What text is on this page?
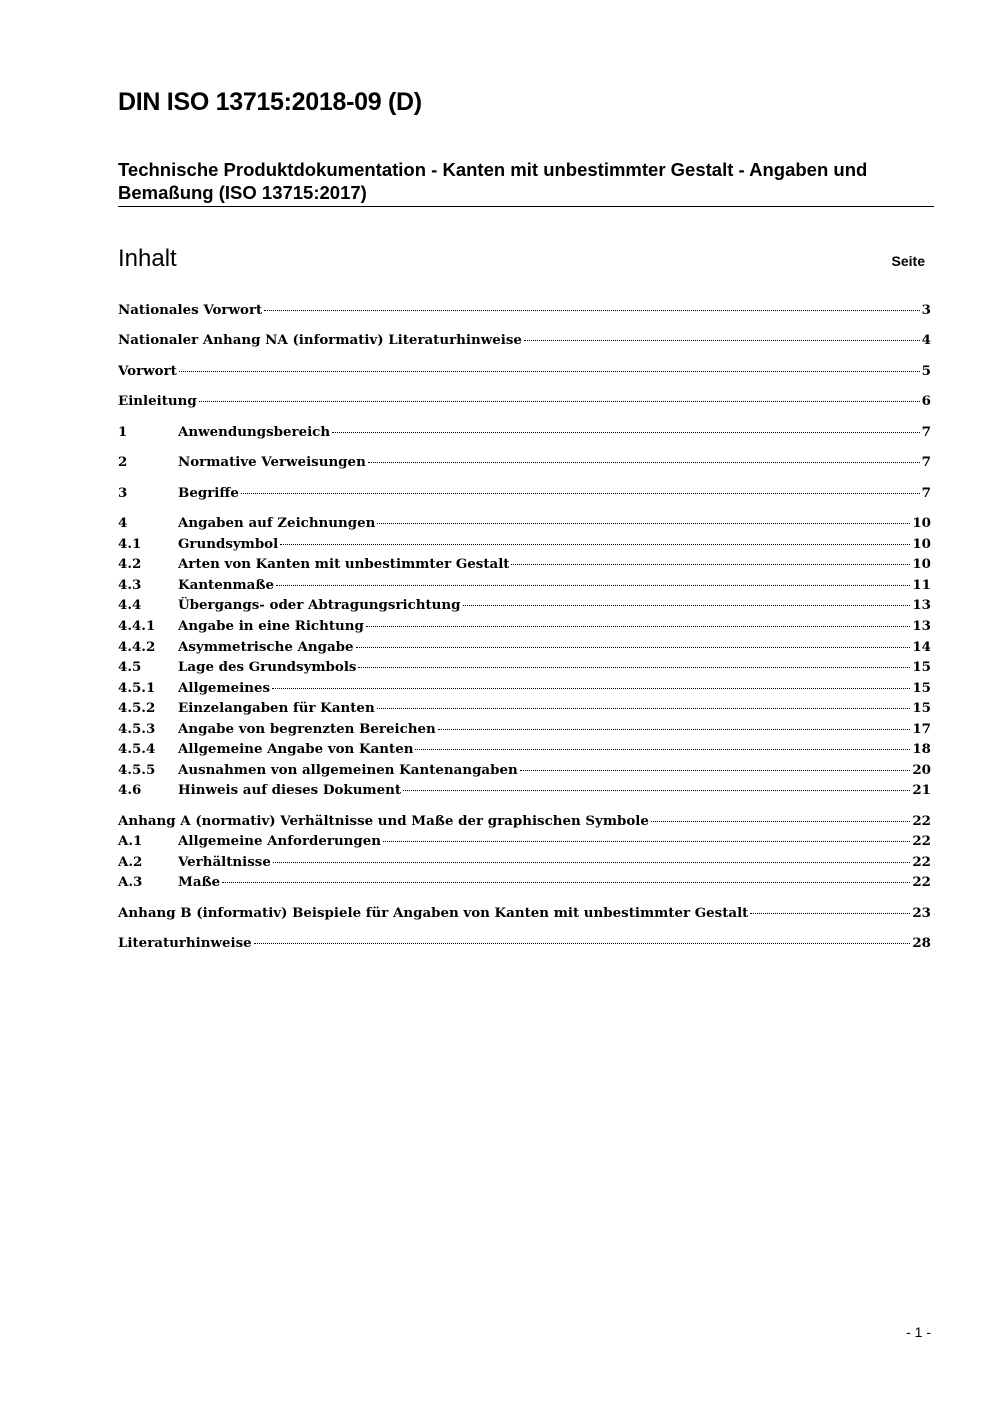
DIN ISO 13715:2018-09 (D)
Technische Produktdokumentation - Kanten mit unbestimmter Gestalt - Angaben und Bemaßung (ISO 13715:2017)
Inhalt	Seite
Nationales Vorwort	3
Nationaler Anhang NA (informativ) Literaturhinweise	4
Vorwort	5
Einleitung	6
1	Anwendungsbereich	7
2	Normative Verweisungen	7
3	Begriffe	7
4	Angaben auf Zeichnungen	10
4.1	Grundsymbol	10
4.2	Arten von Kanten mit unbestimmter Gestalt	10
4.3	Kantenmaße	11
4.4	Übergangs- oder Abtragungsrichtung	13
4.4.1	Angabe in eine Richtung	13
4.4.2	Asymmetrische Angabe	14
4.5	Lage des Grundsymbols	15
4.5.1	Allgemeines	15
4.5.2	Einzelangaben für Kanten	15
4.5.3	Angabe von begrenzten Bereichen	17
4.5.4	Allgemeine Angabe von Kanten	18
4.5.5	Ausnahmen von allgemeinen Kantenangaben	20
4.6	Hinweis auf dieses Dokument	21
Anhang A (normativ) Verhältnisse und Maße der graphischen Symbole	22
A.1	Allgemeine Anforderungen	22
A.2	Verhältnisse	22
A.3	Maße	22
Anhang B (informativ) Beispiele für Angaben von Kanten mit unbestimmter Gestalt	23
Literaturhinweise	28
- 1 -
